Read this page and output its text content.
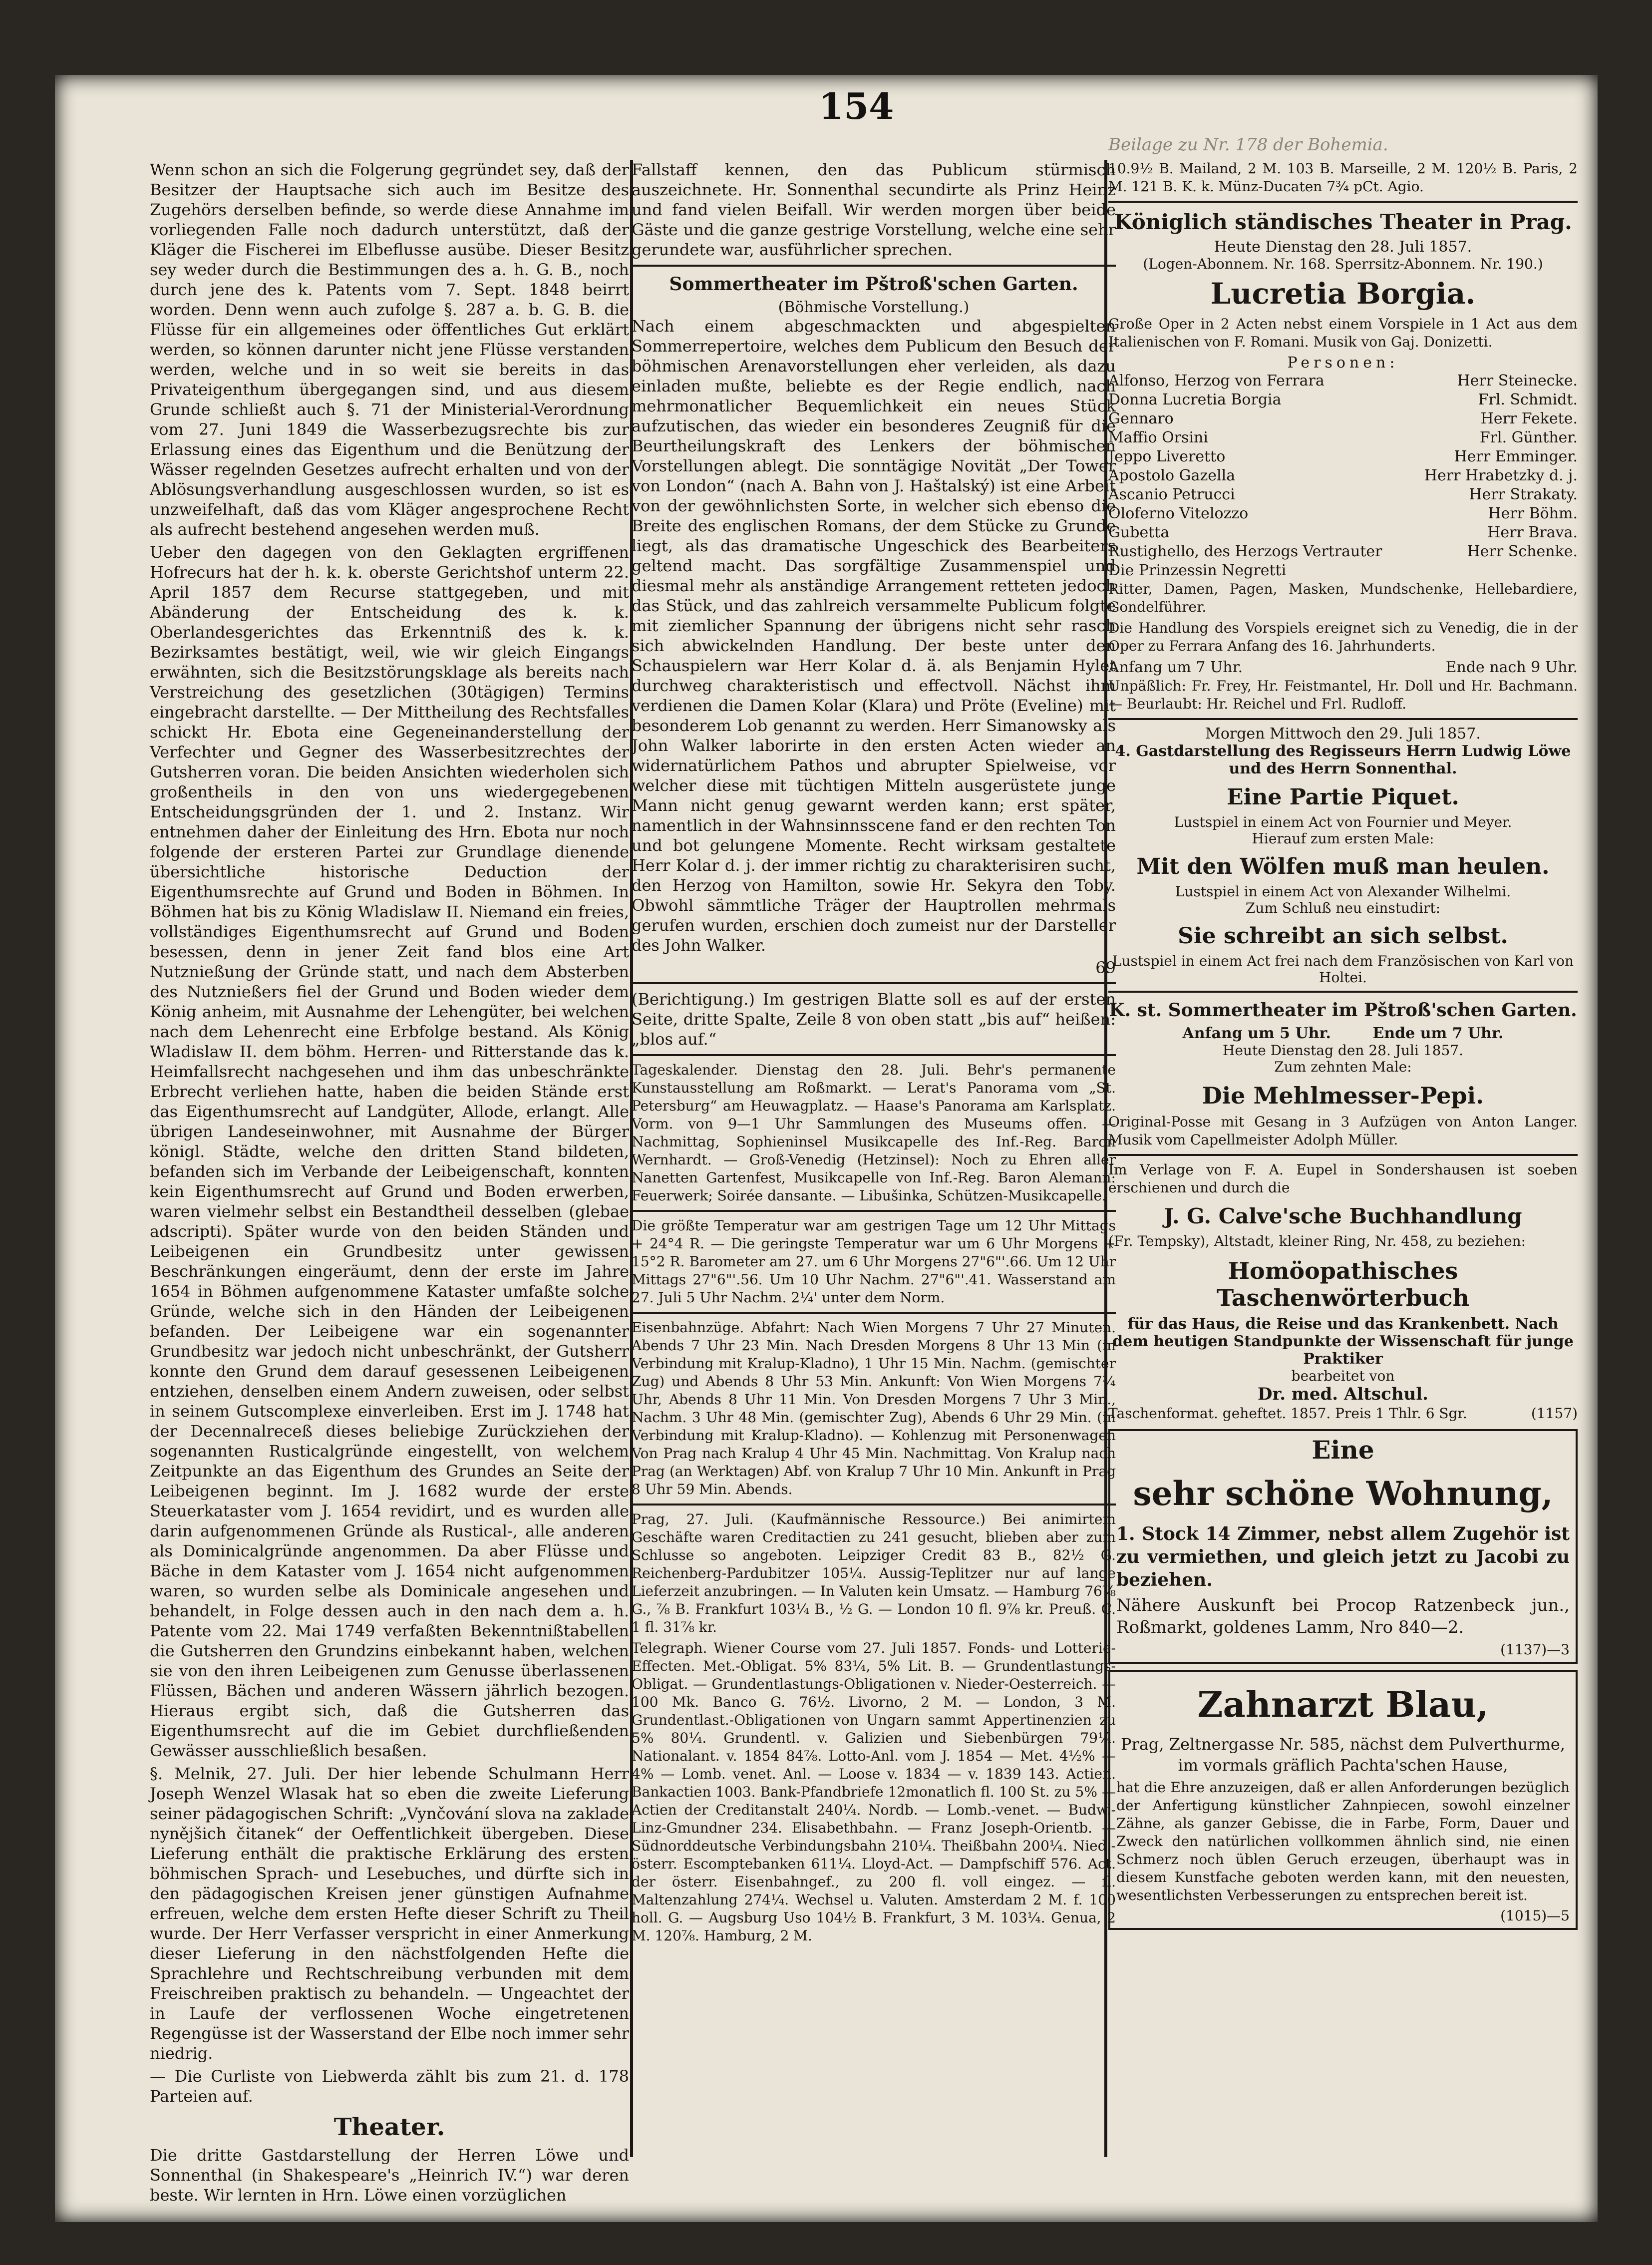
154
Beilage zu Nr. 178 der Bohemia.

Wenn schon an sich die Folgerung gegründet sey, daß der Besitzer der Hauptsache sich auch im Besitze des Zugehörs derselben befinde, so werde diese Annahme im vorliegenden Falle noch dadurch unterstützt, daß der Kläger die Fischerei im Elbeflusse ausübe. Dieser Besitz sey weder durch die Bestimmungen des a. h. G. B., noch durch jene des k. Patents vom 7. Sept. 1848 beirrt worden. Denn wenn auch zufolge §. 287 a. b. G. B. die Flüsse für ein allgemeines oder öffentliches Gut erklärt werden, so können darunter nicht jene Flüsse verstanden werden, welche und in so weit sie bereits in das Privateigenthum übergegangen sind, und aus diesem Grunde schließt auch §. 71 der Ministerial-Verordnung vom 27. Juni 1849 die Wasserbezugsrechte bis zur Erlassung eines das Eigenthum und die Benützung der Wässer regelnden Gesetzes aufrecht erhalten und von der Ablösungsverhandlung ausgeschlossen wurden, so ist es unzweifelhaft, daß das vom Kläger angesprochene Recht als aufrecht bestehend angesehen werden muß.

Ueber den dagegen von den Geklagten ergriffenen Hofrecurs hat der h. k. k. oberste Gerichtshof unterm 22. April 1857 dem Recurse stattgegeben, und mit Abänderung der Entscheidung des k. k. Oberlandesgerichtes das Erkenntniß des k. k. Bezirksamtes bestätigt, weil, wie wir gleich Eingangs erwähnten, sich die Besitzstörungsklage als bereits nach Verstreichung des gesetzlichen (30tägigen) Termins eingebracht darstellte. — Der Mittheilung des Rechtsfalles schickt Hr. Ebota eine Gegeneinanderstellung der Verfechter und Gegner des Wasserbesitzrechtes der Gutsherren voran. Die beiden Ansichten wiederholen sich großentheils in den von uns wiedergegebenen Entscheidungsgründen der 1. und 2. Instanz. Wir entnehmen daher der Einleitung des Hrn. Ebota nur noch folgende der ersteren Partei zur Grundlage dienende übersichtliche historische Deduction der Eigenthumsrechte auf Grund und Boden in Böhmen. In Böhmen hat bis zu König Wladislaw II. Niemand ein freies, vollständiges Eigenthumsrecht auf Grund und Boden besessen, denn in jener Zeit fand blos eine Art Nutznießung der Gründe statt, und nach dem Absterben des Nutznießers fiel der Grund und Boden wieder dem König anheim, mit Ausnahme der Lehengüter, bei welchen nach dem Lehenrecht eine Erbfolge bestand. Als König Wladislaw II. dem böhm. Herren- und Ritterstande das k. Heimfallsrecht nachgesehen und ihm das unbeschränkte Erbrecht verliehen hatte, haben die beiden Stände erst das Eigenthumsrecht auf Landgüter, Allode, erlangt. Alle übrigen Landeseinwohner, mit Ausnahme der Bürger königl. Städte, welche den dritten Stand bildeten, befanden sich im Verbande der Leibeigenschaft, konnten kein Eigenthumsrecht auf Grund und Boden erwerben, waren vielmehr selbst ein Bestandtheil desselben (glebae adscripti). Später wurde von den beiden Ständen und Leibeigenen ein Grundbesitz unter gewissen Beschränkungen eingeräumt, denn der erste im Jahre 1654 in Böhmen aufgenommene Kataster umfaßte solche Gründe, welche sich in den Händen der Leibeigenen befanden. Der Leibeigene war ein sogenannter Grundbesitz war jedoch nicht unbeschränkt, der Gutsherr konnte den Grund dem darauf gesessenen Leibeigenen entziehen, denselben einem Andern zuweisen, oder selbst in seinem Gutscomplexe einverleiben. Erst im J. 1748 hat der Decennalreceß dieses beliebige Zurückziehen der sogenannten Rusticalgründe eingestellt, von welchem Zeitpunkte an das Eigenthum des Grundes an Seite der Leibeigenen beginnt. Im J. 1682 wurde der erste Steuerkataster vom J. 1654 revidirt, und es wurden alle darin aufgenommenen Gründe als Rustical-, alle anderen als Dominicalgründe angenommen. Da aber Flüsse und Bäche in dem Kataster vom J. 1654 nicht aufgenommen waren, so wurden selbe als Dominicale angesehen und behandelt, in Folge dessen auch in den nach dem a. h. Patente vom 22. Mai 1749 verfaßten Bekenntnißtabellen die Gutsherren den Grundzins einbekannt haben, welchen sie von den ihren Leibeigenen zum Genusse überlassenen Flüssen, Bächen und anderen Wässern jährlich bezogen. Hieraus ergibt sich, daß die Gutsherren das Eigenthumsrecht auf die im Gebiet durchfließenden Gewässer ausschließlich besaßen.

§. Melnik, 27. Juli. Der hier lebende Schulmann Herr Joseph Wenzel Wlasak hat so eben die zweite Lieferung seiner pädagogischen Schrift: „Vynčování slova na zaklade nynějšich čitanek“ der Oeffentlichkeit übergeben. Diese Lieferung enthält die praktische Erklärung des ersten böhmischen Sprach- und Lesebuches, und dürfte sich in den pädagogischen Kreisen jener günstigen Aufnahme erfreuen, welche dem ersten Hefte dieser Schrift zu Theil wurde. Der Herr Verfasser verspricht in einer Anmerkung dieser Lieferung in den nächstfolgenden Hefte die Sprachlehre und Rechtschreibung verbunden mit dem Freischreiben praktisch zu behandeln. — Ungeachtet der in Laufe der verflossenen Woche eingetretenen Regengüsse ist der Wasserstand der Elbe noch immer sehr niedrig.

— Die Curliste von Liebwerda zählt bis zum 21. d. 178 Parteien auf.

Theater.

Die dritte Gastdarstellung der Herren Löwe und Sonnenthal (in Shakespeare's „Heinrich IV.“) war deren beste. Wir lernten in Hrn. Löwe einen vorzüglichen

Fallstaff kennen, den das Publicum stürmisch auszeichnete. Hr. Sonnenthal secundirte als Prinz Heinz und fand vielen Beifall. Wir werden morgen über beide Gäste und die ganze gestrige Vorstellung, welche eine sehr gerundete war, ausführlicher sprechen.

Sommertheater im Pštroß'schen Garten.
(Böhmische Vorstellung.)

Nach einem abgeschmackten und abgespielten Sommerrepertoire, welches dem Publicum den Besuch der böhmischen Arenavorstellungen eher verleiden, als dazu einladen mußte, beliebte es der Regie endlich, nach mehrmonatlicher Bequemlichkeit ein neues Stück aufzutischen, das wieder ein besonderes Zeugniß für die Beurtheilungskraft des Lenkers der böhmischen Vorstellungen ablegt. Die sonntägige Novität „Der Tower von London“ (nach A. Bahn von J. Haštalský) ist eine Arbeit von der gewöhnlichsten Sorte, in welcher sich ebenso die Breite des englischen Romans, der dem Stücke zu Grunde liegt, als das dramatische Ungeschick des Bearbeiters geltend macht. Das sorgfältige Zusammenspiel und diesmal mehr als anständige Arrangement retteten jedoch das Stück, und das zahlreich versammelte Publicum folgte mit ziemlicher Spannung der übrigens nicht sehr rasch sich abwickelnden Handlung. Der beste unter den Schauspielern war Herr Kolar d. ä. als Benjamin Hylet durchweg charakteristisch und effectvoll. Nächst ihm verdienen die Damen Kolar (Klara) und Pröte (Eveline) mit besonderem Lob genannt zu werden. Herr Simanowsky als John Walker laborirte in den ersten Acten wieder an widernatürlichem Pathos und abrupter Spielweise, vor welcher diese mit tüchtigen Mitteln ausgerüstete junge Mann nicht genug gewarnt werden kann; erst später, namentlich in der Wahnsinnsscene fand er den rechten Ton und bot gelungene Momente. Recht wirksam gestaltete Herr Kolar d. j. der immer richtig zu charakterisiren sucht, den Herzog von Hamilton, sowie Hr. Sekyra den Toby. Obwohl sämmtliche Träger der Hauptrollen mehrmals gerufen wurden, erschien doch zumeist nur der Darsteller des John Walker.

69

(Berichtigung.) Im gestrigen Blatte soll es auf der ersten Seite, dritte Spalte, Zeile 8 von oben statt „bis auf“ heißen: „blos auf.“

Tageskalender. Dienstag den 28. Juli. Behr's permanente Kunstausstellung am Roßmarkt. — Lerat's Panorama vom „St. Petersburg“ am Heuwagplatz. — Haase's Panorama am Karlsplatz. Vorm. von 9—1 Uhr Sammlungen des Museums offen. — Nachmittag, Sophieninsel Musikcapelle des Inf.-Reg. Baron Wernhardt. — Groß-Venedig (Hetzinsel): Noch zu Ehren aller Nanetten Gartenfest, Musikcapelle von Inf.-Reg. Baron Alemann: Feuerwerk; Soirée dansante. — Libušinka, Schützen-Musikcapelle.

Die größte Temperatur war am gestrigen Tage um 12 Uhr Mittags + 24°4 R. — Die geringste Temperatur war um 6 Uhr Morgens + 15°2 R. Barometer am 27. um 6 Uhr Morgens 27"6"'.66. Um 12 Uhr Mittags 27"6"'.56. Um 10 Uhr Nachm. 27"6"'.41. Wasserstand am 27. Juli 5 Uhr Nachm. 2¼' unter dem Norm.

Eisenbahnzüge. Abfahrt: Nach Wien Morgens 7 Uhr 27 Minuten. Abends 7 Uhr 23 Min. Nach Dresden Morgens 8 Uhr 13 Min (in Verbindung mit Kralup-Kladno), 1 Uhr 15 Min. Nachm. (gemischter Zug) und Abends 8 Uhr 53 Min. Ankunft: Von Wien Morgens 7¾ Uhr, Abends 8 Uhr 11 Min. Von Dresden Morgens 7 Uhr 3 Min., Nachm. 3 Uhr 48 Min. (gemischter Zug), Abends 6 Uhr 29 Min. (in Verbindung mit Kralup-Kladno). — Kohlenzug mit Personenwagen Von Prag nach Kralup 4 Uhr 45 Min. Nachmittag. Von Kralup nach Prag (an Werktagen) Abf. von Kralup 7 Uhr 10 Min. Ankunft in Prag 8 Uhr 59 Min. Abends.

Prag, 27. Juli. (Kaufmännische Ressource.) Bei animirtem Geschäfte waren Creditactien zu 241 gesucht, blieben aber zum Schlusse so angeboten. Leipziger Credit 83 B., 82½ G. Reichenberg-Pardubitzer 105¼. Aussig-Teplitzer nur auf lange Lieferzeit anzubringen. — In Valuten kein Umsatz. — Hamburg 76⅞ G., ⅞ B. Frankfurt 103¼ B., ½ G. — London 10 fl. 9⅞ kr. Preuß. C. 1 fl. 31⅞ kr.

Telegraph. Wiener Course vom 27. Juli 1857. Fonds- und Lotterie-Effecten. Met.-Obligat. 5% 83¼, 5% Lit. B. — Grundentlastungs-Obligat. — Grundentlastungs-Obligationen v. Nieder-Oesterreich. — 100 Mk. Banco G. 76½. Livorno, 2 M. — London, 3 M. Grundentlast.-Obligationen von Ungarn sammt Appertinenzien zu 5% 80¼. Grundentl. v. Galizien und Siebenbürgen 79¼. Nationalant. v. 1854 84⅞. Lotto-Anl. vom J. 1854 — Met. 4½% — 4% — Lomb. venet. Anl. — Loose v. 1834 — v. 1839 143. Actien. Bankactien 1003. Bank-Pfandbriefe 12monatlich fl. 100 St. zu 5% — Actien der Creditanstalt 240¼. Nordb. — Lomb.-venet. — Budw.-Linz-Gmundner 234. Elisabethbahn. — Franz Joseph-Orientb. — Südnorddeutsche Verbindungsbahn 210¼. Theißbahn 200¼. Nied.-österr. Escomptebanken 611¼. Lloyd-Act. — Dampfschiff 576. Act. der österr. Eisenbahngef., zu 200 fl. voll eingez. — fl. Maltenzahlung 274¼. Wechsel u. Valuten. Amsterdam 2 M. f. 100 holl. G. — Augsburg Uso 104½ B. Frankfurt, 3 M. 103¼. Genua, 2 M. 120⅞. Hamburg, 2 M.

10.9½ B. Mailand, 2 M. 103 B. Marseille, 2 M. 120½ B. Paris, 2 M. 121 B. K. k. Münz-Ducaten 7¾ pCt. Agio.

Königlich ständisches Theater in Prag.
Heute Dienstag den 28. Juli 1857.
(Logen-Abonnem. Nr. 168. Sperrsitz-Abonnem. Nr. 190.)
Lucretia Borgia.

Große Oper in 2 Acten nebst einem Vorspiele in 1 Act aus dem Italienischen von F. Romani. Musik von Gaj. Donizetti.

Personen:
Alfonso, Herzog von Ferrara	Herr Steinecke.
Donna Lucretia Borgia	Frl. Schmidt.
Gennaro	Herr Fekete.
Maffio Orsini	Frl. Günther.
Jeppo Liveretto	Herr Emminger.
Apostolo Gazella	Herr Hrabetzky d. j.
Ascanio Petrucci	Herr Strakaty.
Oloferno Vitelozzo	Herr Böhm.
Gubetta	Herr Brava.
Rustighello, des Herzogs Vertrauter	Herr Schenke.
Die Prinzessin Negretti

Ritter, Damen, Pagen, Masken, Mundschenke, Hellebardiere, Gondelführer.

Die Handlung des Vorspiels ereignet sich zu Venedig, die in der Oper zu Ferrara Anfang des 16. Jahrhunderts.

Anfang um 7 Uhr.	Ende nach 9 Uhr.

Unpäßlich: Fr. Frey, Hr. Feistmantel, Hr. Doll und Hr. Bachmann. — Beurlaubt: Hr. Reichel und Frl. Rudloff.

Morgen Mittwoch den 29. Juli 1857.
4. Gastdarstellung des Regisseurs Herrn Ludwig Löwe und des Herrn Sonnenthal.
Eine Partie Piquet.
Lustspiel in einem Act von Fournier und Meyer.
Hierauf zum ersten Male:
Mit den Wölfen muß man heulen.
Lustspiel in einem Act von Alexander Wilhelmi.
Zum Schluß neu einstudirt:
Sie schreibt an sich selbst.
Lustspiel in einem Act frei nach dem Französischen von Karl von Holtei.
K. st. Sommertheater im Pštroß'schen Garten.
Anfang um 5 Uhr.        Ende um 7 Uhr.
Heute Dienstag den 28. Juli 1857.
Zum zehnten Male:
Die Mehlmesser-Pepi.

Original-Posse mit Gesang in 3 Aufzügen von Anton Langer. Musik vom Capellmeister Adolph Müller.

Im Verlage von F. A. Eupel in Sondershausen ist soeben erschienen und durch die

J. G. Calve'sche Buchhandlung

(Fr. Tempsky), Altstadt, kleiner Ring, Nr. 458, zu beziehen:

Homöopathisches Taschenwörterbuch
für das Haus, die Reise und das Krankenbett. Nach dem heutigen Standpunkte der Wissenschaft für junge Praktiker
bearbeitet von
Dr. med. Altschul.
Taschenformat. geheftet. 1857. Preis 1 Thlr. 6 Sgr.	(1157)
Eine
sehr schöne Wohnung,

1. Stock 14 Zimmer, nebst allem Zugehör ist zu vermiethen, und gleich jetzt zu Jacobi zu beziehen.

Nähere Auskunft bei Procop Ratzenbeck jun., Roßmarkt, goldenes Lamm, Nro 840—2.

(1137)—3
Zahnarzt Blau,

Prag, Zeltnergasse Nr. 585, nächst dem Pulverthurme, im vormals gräflich Pachta'schen Hause,

hat die Ehre anzuzeigen, daß er allen Anforderungen bezüglich der Anfertigung künstlicher Zahnpiecen, sowohl einzelner Zähne, als ganzer Gebisse, die in Farbe, Form, Dauer und Zweck den natürlichen vollkommen ähnlich sind, nie einen Schmerz noch üblen Geruch erzeugen, überhaupt was in diesem Kunstfache geboten werden kann, mit den neuesten, wesentlichsten Verbesserungen zu entsprechen bereit ist.

(1015)—5
